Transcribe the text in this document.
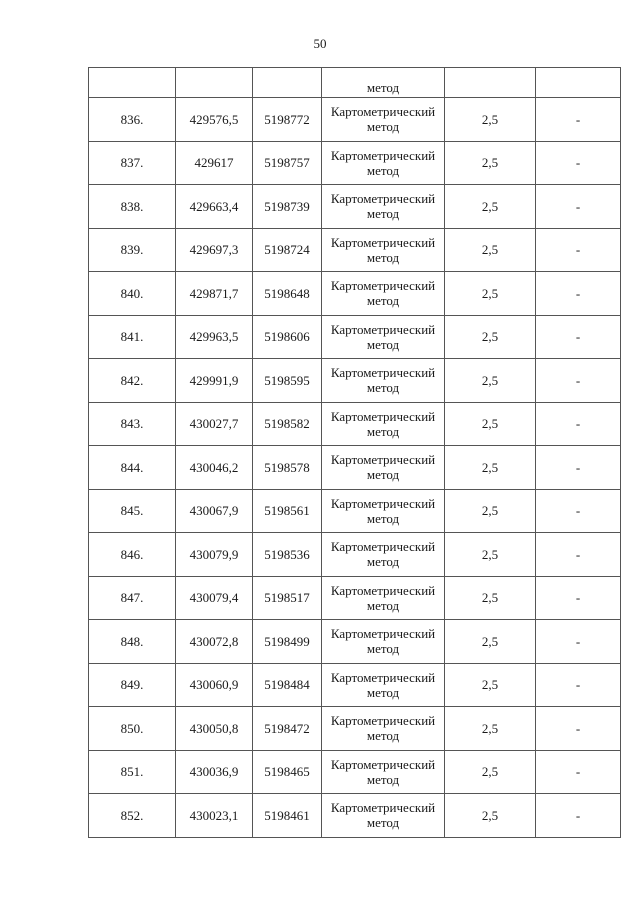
50
			метод		
836.	429576,5	5198772	Картометрический
метод	2,5	-
837.	429617	5198757	Картометрический
метод	2,5	-
838.	429663,4	5198739	Картометрический
метод	2,5	-
839.	429697,3	5198724	Картометрический
метод	2,5	-
840.	429871,7	5198648	Картометрический
метод	2,5	-
841.	429963,5	5198606	Картометрический
метод	2,5	-
842.	429991,9	5198595	Картометрический
метод	2,5	-
843.	430027,7	5198582	Картометрический
метод	2,5	-
844.	430046,2	5198578	Картометрический
метод	2,5	-
845.	430067,9	5198561	Картометрический
метод	2,5	-
846.	430079,9	5198536	Картометрический
метод	2,5	-
847.	430079,4	5198517	Картометрический
метод	2,5	-
848.	430072,8	5198499	Картометрический
метод	2,5	-
849.	430060,9	5198484	Картометрический
метод	2,5	-
850.	430050,8	5198472	Картометрический
метод	2,5	-
851.	430036,9	5198465	Картометрический
метод	2,5	-
852.	430023,1	5198461	Картометрический
метод	2,5	-
